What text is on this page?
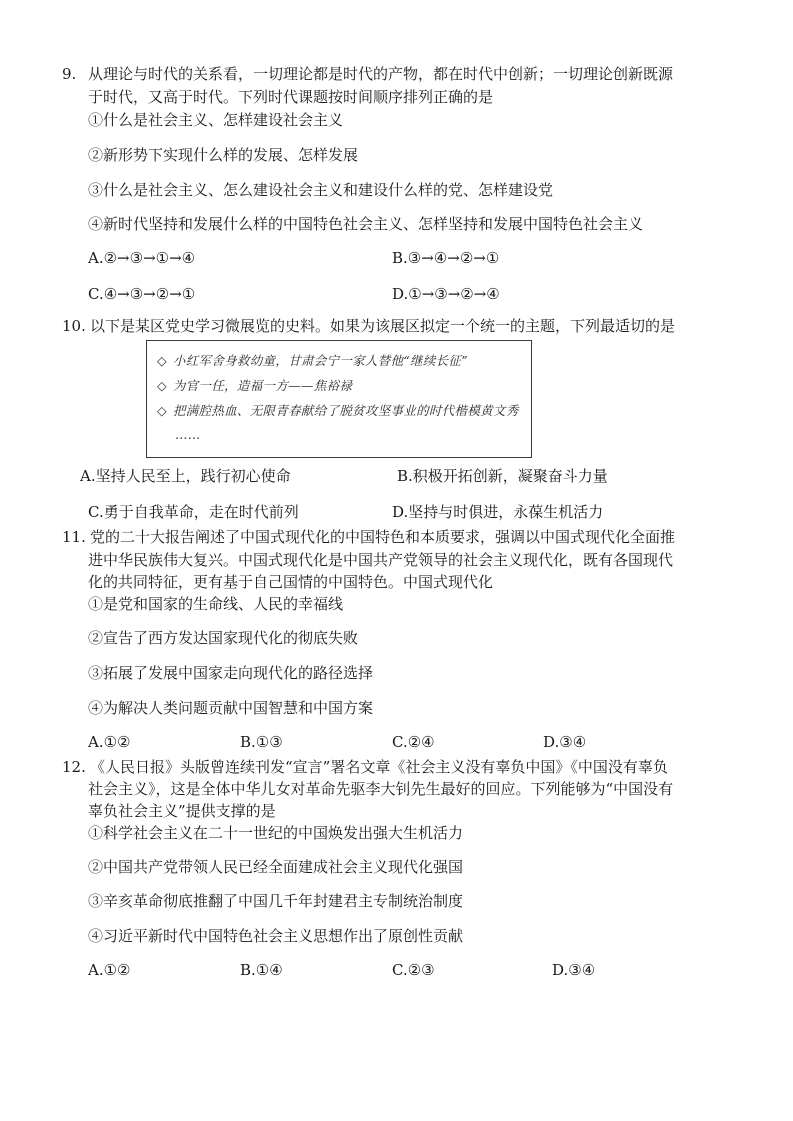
9. 从理论与时代的关系看，一切理论都是时代的产物，都在时代中创新；一切理论创新既源
于时代，又高于时代。下列时代课题按时间顺序排列正确的是
①什么是社会主义、怎样建设社会主义
②新形势下实现什么样的发展、怎样发展
③什么是社会主义、怎么建设社会主义和建设什么样的党、怎样建设党
④新时代坚持和发展什么样的中国特色社会主义、怎样坚持和发展中国特色社会主义
A.②→③→①→④	B.③→④→②→①
C.④→③→②→①	D.①→③→②→④
10. 以下是某区党史学习微展览的史料。如果为该展区拟定一个统一的主题，下列最适切的是
◇ 小红军舍身救幼童，甘肃会宁一家人替他“继续长征”
◇ 为官一任，造福一方——焦裕禄
◇ 把满腔热血、无限青春献给了脱贫攻坚事业的时代楷模黄文秀
……
A.坚持人民至上，践行初心使命	B.积极开拓创新，凝聚奋斗力量
C.勇于自我革命，走在时代前列	D.坚持与时俱进，永葆生机活力
11. 党的二十大报告阐述了中国式现代化的中国特色和本质要求，强调以中国式现代化全面推
进中华民族伟大复兴。中国式现代化是中国共产党领导的社会主义现代化，既有各国现代
化的共同特征，更有基于自己国情的中国特色。中国式现代化
①是党和国家的生命线、人民的幸福线
②宣告了西方发达国家现代化的彻底失败
③拓展了发展中国家走向现代化的路径选择
④为解决人类问题贡献中国智慧和中国方案
A.①②	B.①③	C.②④	D.③④
12. 《人民日报》头版曾连续刊发“宣言”署名文章《社会主义没有辜负中国》《中国没有辜负
社会主义》，这是全体中华儿女对革命先驱李大钊先生最好的回应。下列能够为“中国没有
辜负社会主义”提供支撑的是
①科学社会主义在二十一世纪的中国焕发出强大生机活力
②中国共产党带领人民已经全面建成社会主义现代化强国
③辛亥革命彻底推翻了中国几千年封建君主专制统治制度
④习近平新时代中国特色社会主义思想作出了原创性贡献
A.①②	B.①④	C.②③	D.③④
